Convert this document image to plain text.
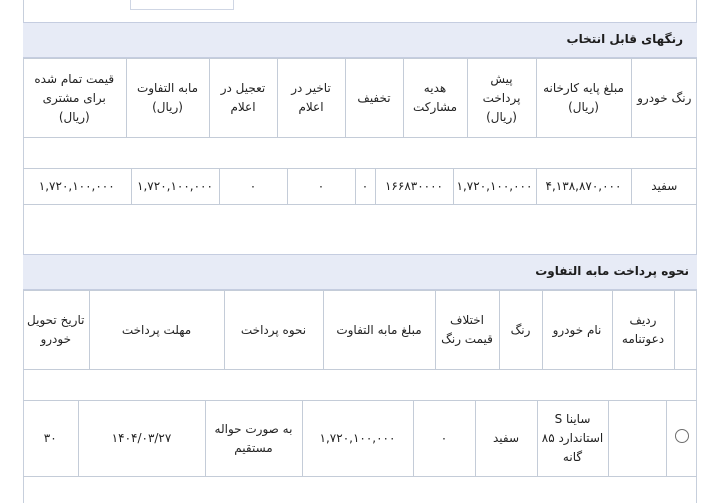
رنگهای قابل انتخاب
رنگ خودرو	مبلغ پایه کارخانه (ریال)	پیش پرداخت (ریال)	هدیه مشارکت	تخفیف	تاخیر در اعلام	تعجیل در اعلام	مابه التفاوت (ریال)	قیمت تمام شده برای مشتری (ریال)
سفید	۴,۱۳۸,۸۷۰,۰۰۰	۱,۷۲۰,۱۰۰,۰۰۰	۱۶۶۸۳۰۰۰۰	۰	۰	۰	۱,۷۲۰,۱۰۰,۰۰۰	۱,۷۲۰,۱۰۰,۰۰۰
نحوه پرداخت مابه التفاوت
	ردیف دعوتنامه	نام خودرو	رنگ	اختلاف قیمت رنگ	مبلغ مابه التفاوت	نحوه پرداخت	مهلت پرداخت	تاریخ تحویل خودرو
		ساینا S استاندارد ۸۵ گانه	سفید	۰	۱,۷۲۰,۱۰۰,۰۰۰	به صورت حواله مستقیم	۱۴۰۴/۰۳/۲۷	۳۰
